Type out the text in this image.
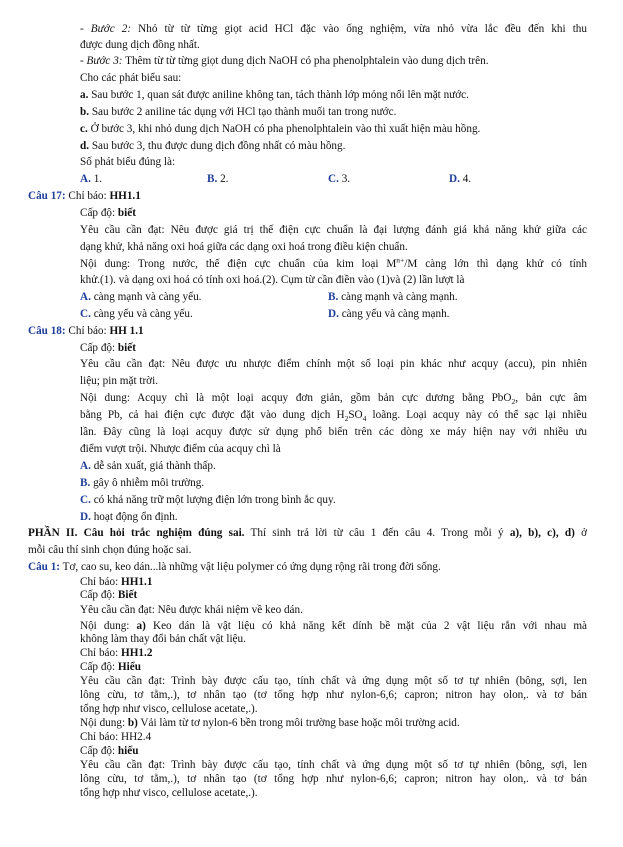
- Bước 2: Nhỏ từ từ từng giọt acid HCl đặc vào ống nghiệm, vừa nhỏ vừa lắc đều đến khi thu
được dung dịch đồng nhất.
- Bước 3: Thêm từ từ từng giọt dung dịch NaOH có pha phenolphtalein vào dung dịch trên.
Cho các phát biểu sau:
a. Sau bước 1, quan sát được aniline không tan, tách thành lớp mỏng nổi lên mặt nước.
b. Sau bước 2 aniline tác dụng với HCl tạo thành muối tan trong nước.
c. Ở bước 3, khi nhỏ dung dịch NaOH có pha phenolphtalein vào thì xuất hiện màu hồng.
d. Sau bước 3, thu được dung dịch đồng nhất có màu hồng.
Số phát biểu đúng là:
A. 1.	B. 2.	C. 3.	D. 4.
Câu 17: Chỉ báo: HH1.1
Cấp độ: biết
Yêu cầu cần đạt: Nêu được giá trị thế điện cực chuẩn là đại lượng đánh giá khả năng khử giữa các
dạng khử, khả năng oxi hoá giữa các dạng oxi hoá trong điều kiện chuẩn.
Nội dung: Trong nước, thế điện cực chuẩn của kim loại $M^{n+}/M$ càng lớn thì dạng khử có tính
khử.(1). và dạng oxi hoá có tính oxi hoá.(2). Cụm từ cần điền vào (1)và (2) lần lượt là
A. càng mạnh và càng yếu.	B. càng mạnh và càng mạnh.
C. càng yếu và càng yếu.	D. càng yếu và càng mạnh.
Câu 18: Chỉ báo: HH 1.1
Cấp độ: biết
Yêu cầu cần đạt: Nêu được ưu nhược điểm chính một số loại pin khác như acquy (accu), pin nhiên
liệu; pin mặt trời.
Nội dung: Acquy chì là một loại acquy đơn giản, gồm bản cực dương bằng PbO$_2$, bản cực âm
bằng Pb, cả hai điện cực được đặt vào dung dịch $H_2SO_4$ loãng. Loại acquy này có thể sạc lại nhiều
lần. Đây cũng là loại acquy được sử dụng phổ biến trên các dòng xe máy hiện nay với nhiều ưu
điểm vượt trội. Nhược điểm của acquy chì là
A. dễ sản xuất, giá thành thấp.
B. gây ô nhiễm môi trường.
C. có khả năng trữ một lượng điện lớn trong bình ắc quy.
D. hoạt động ổn định.
PHẦN II. Câu hỏi trắc nghiệm đúng sai. Thí sinh trả lời từ câu 1 đến câu 4. Trong mỗi ý a), b), c), d) ở
mỗi câu thí sinh chọn đúng hoặc sai.
Câu 1: Tơ, cao su, keo dán...là những vật liệu polymer có ứng dụng rộng rãi trong đời sống.
Chỉ báo: HH1.1
Cấp độ: Biết
Yêu cầu cần đạt: Nêu được khái niệm về keo dán.
Nội dung: a) Keo dán là vật liệu có khả năng kết dính bề mặt của 2 vật liệu rắn với nhau mà
không làm thay đổi bản chất vật liệu.
Chỉ báo: HH1.2
Cấp độ: Hiểu
Yêu cầu cần đạt: Trình bày được cấu tạo, tính chất và ứng dụng một số tơ tự nhiên (bông, sợi, len
lông cừu, tơ tằm,.), tơ nhân tạo (tơ tổng hợp như nylon-6,6; capron; nitron hay olon,. và tơ bán
tổng hợp như visco, cellulose acetate,.).
Nội dung: b) Vải làm từ tơ nylon-6 bền trong môi trường base hoặc môi trường acid.
Chỉ báo: HH2.4
Cấp độ: hiểu
Yêu cầu cần đạt: Trình bày được cấu tạo, tính chất và ứng dụng một số tơ tự nhiên (bông, sợi, len
lông cừu, tơ tằm,.), tơ nhân tạo (tơ tổng hợp như nylon-6,6; capron; nitron hay olon,. và tơ bán
tổng hợp như visco, cellulose acetate,.).
